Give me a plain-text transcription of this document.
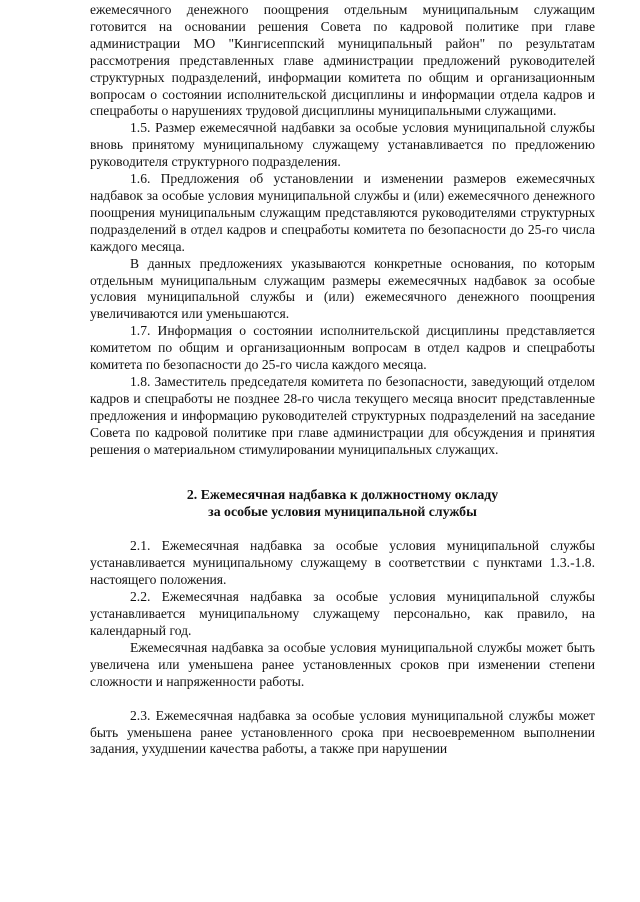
ежемесячного денежного поощрения отдельным муниципальным служащим готовится на основании решения Совета по кадровой политике при главе администрации МО "Кингисеппский муниципальный район" по результатам рассмотрения представленных главе администрации предложений руководителей структурных подразделений, информации комитета по общим и организационным вопросам о состоянии исполнительской дисциплины и информации отдела кадров и спецработы о нарушениях трудовой дисциплины муниципальными служащими.

1.5. Размер ежемесячной надбавки за особые условия муниципальной службы вновь принятому муниципальному служащему устанавливается по предложению руководителя структурного подразделения.

1.6. Предложения об установлении и изменении размеров ежемесячных надбавок за особые условия муниципальной службы и (или) ежемесячного денежного поощрения муниципальным служащим представляются руководителями структурных подразделений в отдел кадров и спецработы комитета по безопасности до 25-го числа каждого месяца.

В данных предложениях указываются конкретные основания, по которым отдельным муниципальным служащим размеры ежемесячных надбавок за особые условия муниципальной службы и (или) ежемесячного денежного поощрения увеличиваются или уменьшаются.

1.7. Информация о состоянии исполнительской дисциплины представляется комитетом по общим и организационным вопросам в отдел кадров и спецработы комитета по безопасности до 25-го числа каждого месяца.

1.8. Заместитель председателя комитета по безопасности, заведующий отделом кадров и спецработы не позднее 28-го числа текущего месяца вносит представленные предложения и информацию руководителей структурных подразделений на заседание Совета по кадровой политике при главе администрации для обсуждения и принятия решения о материальном стимулировании муниципальных служащих.

2. Ежемесячная надбавка к должностному окладу
за особые условия муниципальной службы

2.1. Ежемесячная надбавка за особые условия муниципальной службы устанавливается муниципальному служащему в соответствии с пунктами 1.3.-1.8. настоящего положения.

2.2. Ежемесячная надбавка за особые условия муниципальной службы устанавливается муниципальному служащему персонально, как правило, на календарный год.

Ежемесячная надбавка за особые условия муниципальной службы может быть увеличена или уменьшена ранее установленных сроков при изменении степени сложности и напряженности работы.

2.3. Ежемесячная надбавка за особые условия муниципальной службы может быть уменьшена ранее установленного срока при несвоевременном выполнении задания, ухудшении качества работы, а также при нарушении
